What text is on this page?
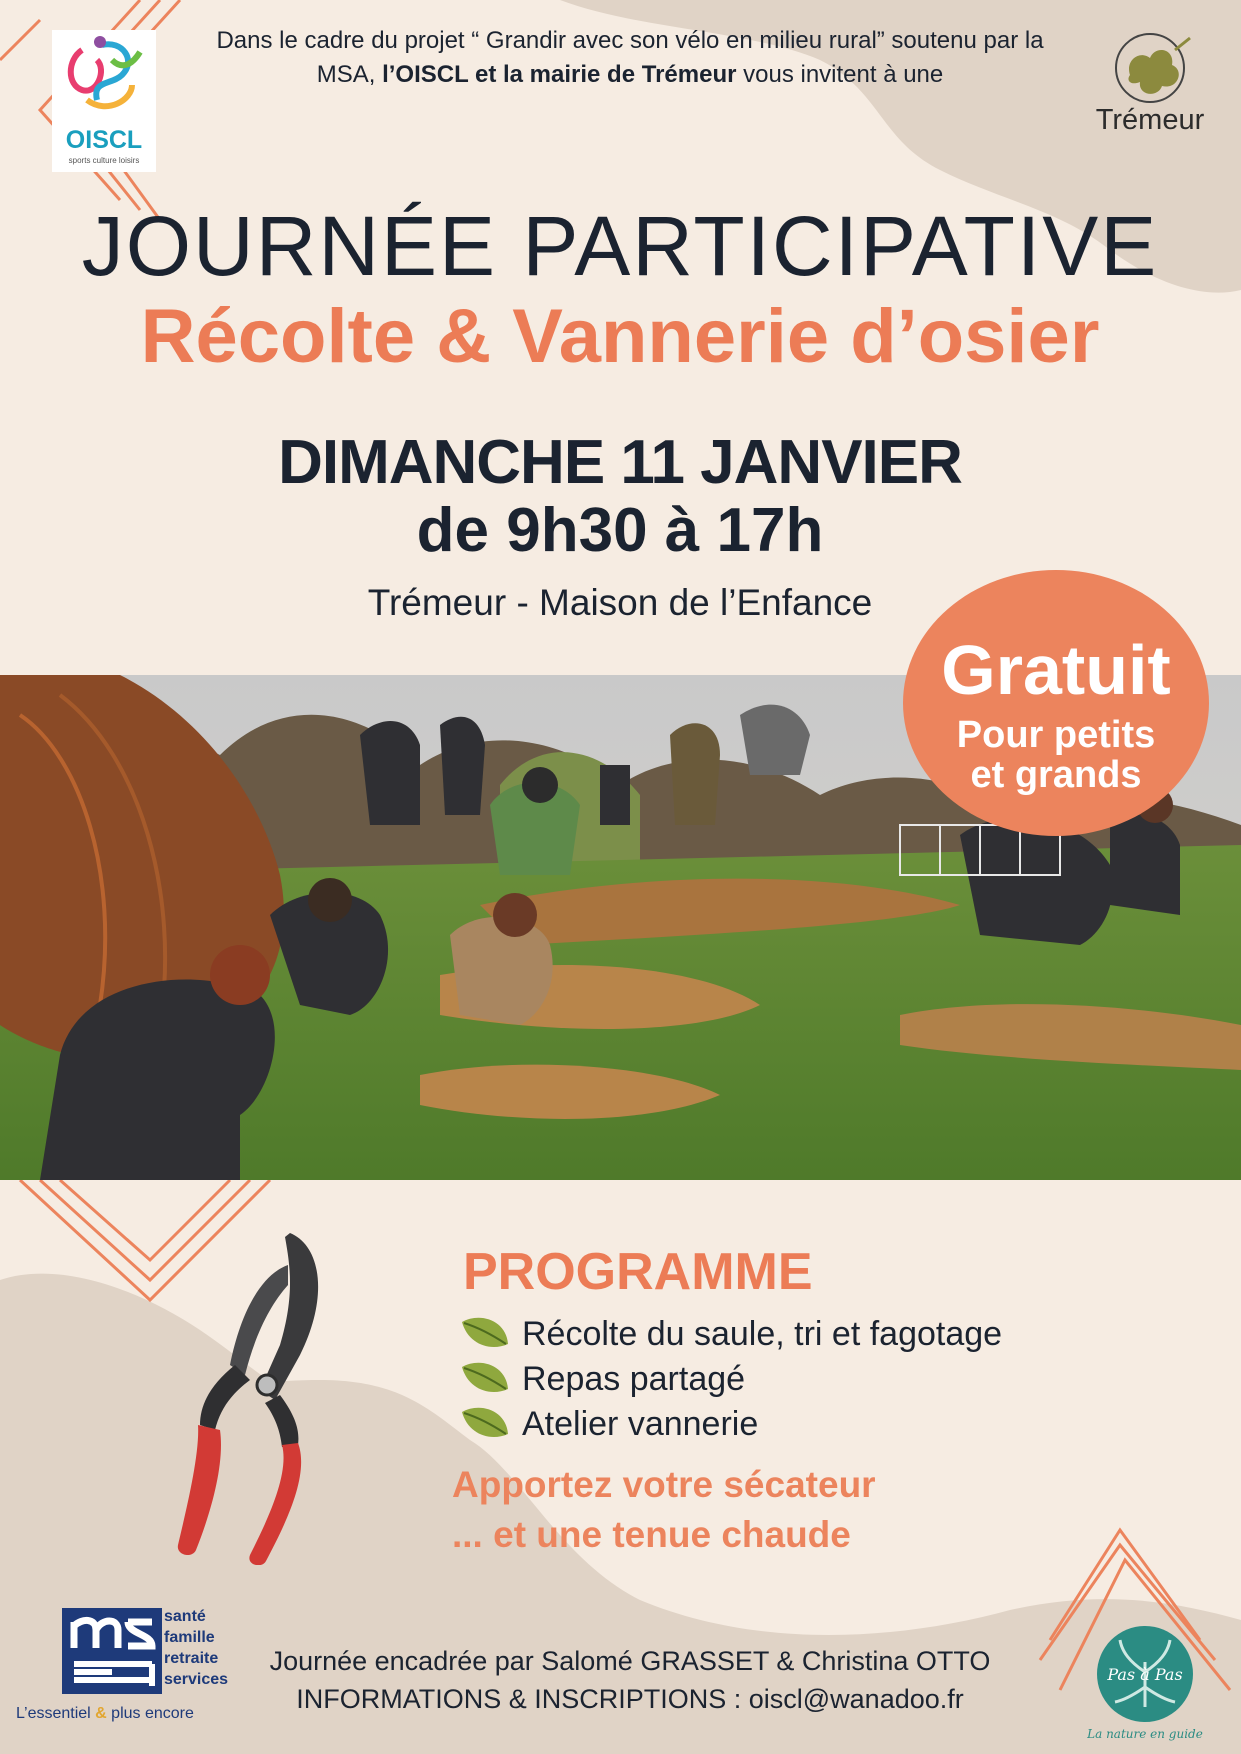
OISCL
sports culture loisirs
Dans le cadre du projet “ Grandir avec son vélo en milieu rural” soutenu par la MSA, l’OISCL et la mairie de Trémeur vous invitent à une
Trémeur
JOURNÉE PARTICIPATIVE
Récolte & Vannerie d’osier
DIMANCHE 11 JANVIER
de 9h30 à 17h
Trémeur - Maison de l’Enfance
Gratuit
Pour petits
et grands
PROGRAMME
Récolte du saule, tri et fagotage
Repas partagé
Atelier vannerie
Apportez votre sécateur
... et une tenue chaude
santé
famille
retraite
services
L’essentiel & plus encore
Journée encadrée par Salomé GRASSET & Christina OTTO
INFORMATIONS & INSCRIPTIONS : oiscl@wanadoo.fr
Pas à Pas
La nature en guide
